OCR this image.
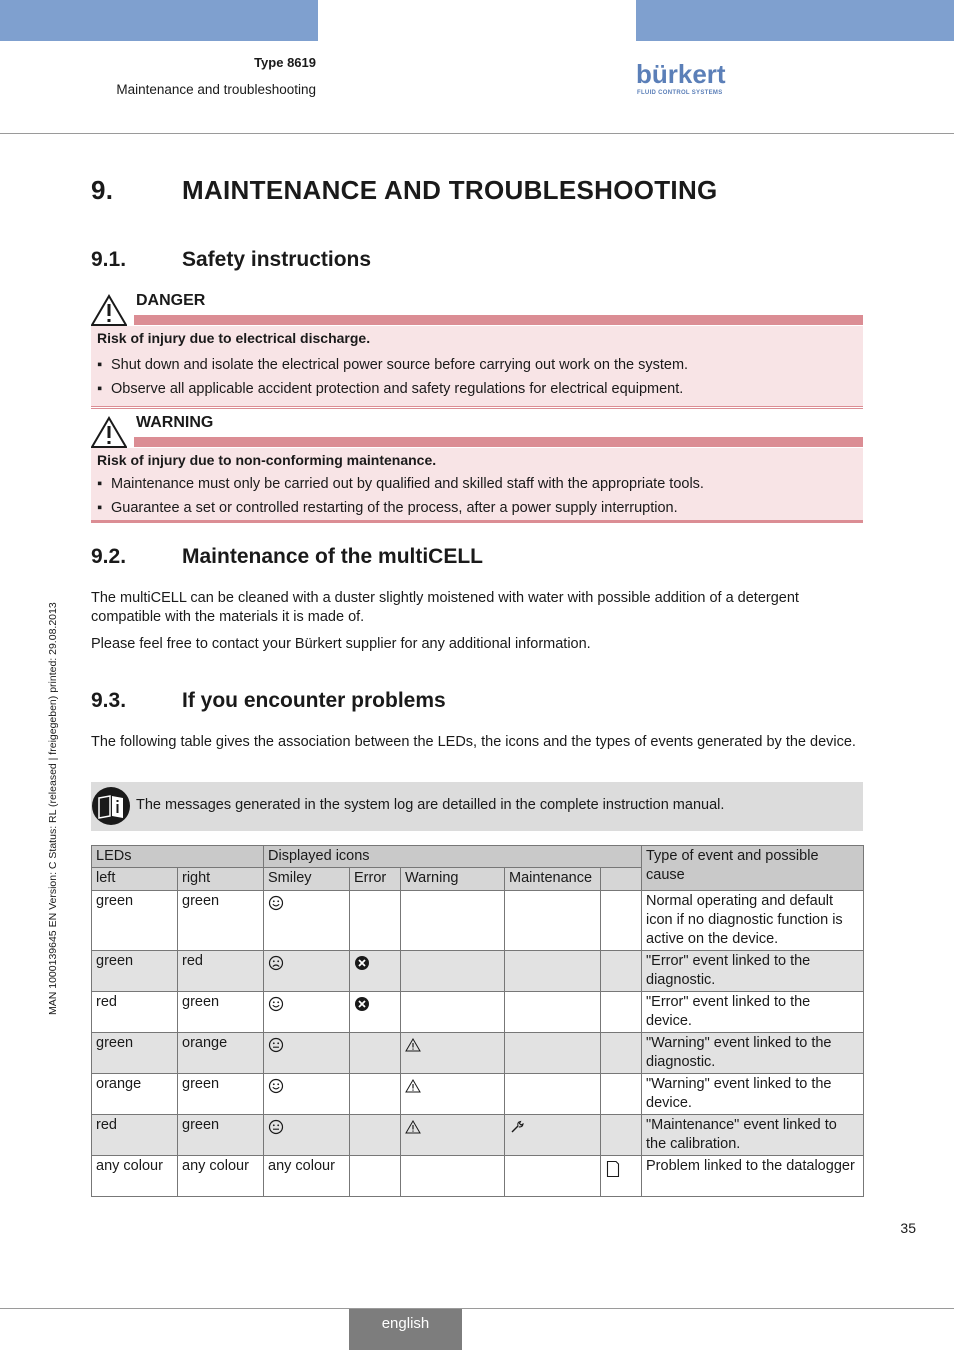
Type 8619
Maintenance and troubleshooting
bürkert
FLUID CONTROL SYSTEMS
MAN 1000139645 EN Version: C Status: RL (released | freigegeben) printed: 29.08.2013
9.	MAINTENANCE AND TROUBLESHOOTING
9.1.	Safety instructions
DANGER
Risk of injury due to electrical discharge.
▪ Shut down and isolate the electrical power source before carrying out work on the system.
▪ Observe all applicable accident protection and safety regulations for electrical equipment.
WARNING
Risk of injury due to non-conforming maintenance.
▪ Maintenance must only be carried out by qualified and skilled staff with the appropriate tools.
▪ Guarantee a set or controlled restarting of the process, after a power supply interruption.
9.2.	Maintenance of the multiCELL
The multiCELL can be cleaned with a duster slightly moistened with water with possible addition of a detergent compatible with the materials it is made of.
Please feel free to contact your Bürkert supplier for any additional information.
9.3.	If you encounter problems
The following table gives the association between the LEDs, the icons and the types of events generated by the device.
The messages generated in the system log are detailled in the complete instruction manual.
LEDs		Displayed icons					Type of event and possible cause
left	right	Smiley	Error	Warning	Maintenance		
green	green						Normal operating and default icon if no diagnostic function is active on the device.
green	red						"Error" event linked to the diagnostic.
red	green						"Error" event linked to the device.
green	orange						"Warning" event linked to the diagnostic.
orange	green						"Warning" event linked to the device.
red	green						"Maintenance" event linked to the calibration.
any colour	any colour	any colour					Problem linked to the datalogger
35
english
